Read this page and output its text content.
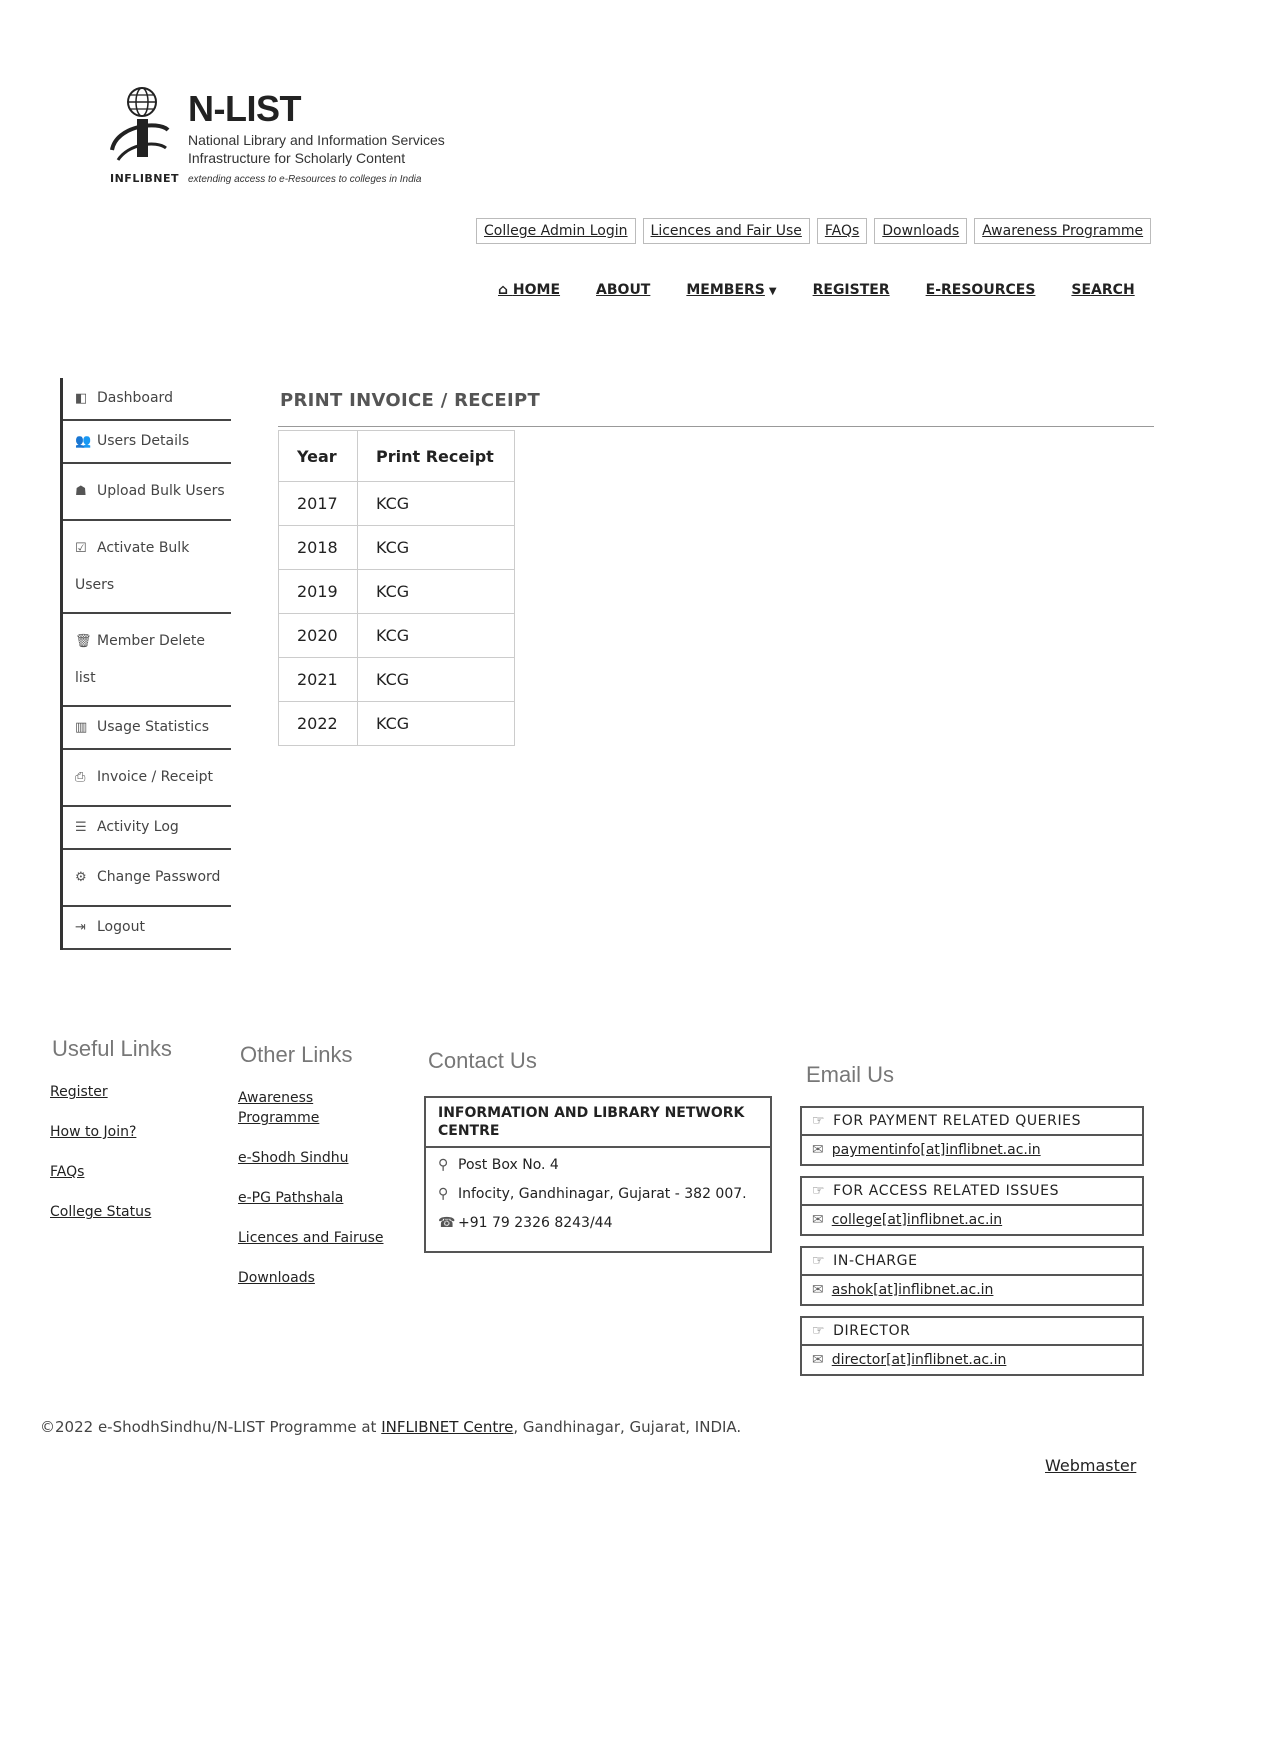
INFLIBNET
N-LIST
National Library and Information Services
Infrastructure for Scholarly Content
extending access to e-Resources to colleges in India
College Admin Login	Licences and Fair Use	FAQs	Downloads	Awareness Programme
⌂ HOME	ABOUT	MEMBERS ▼	REGISTER	E-RESOURCES	SEARCH
◧ Dashboard
👥 Users Details
☗ Upload Bulk Users
☑ Activate Bulk Users
🗑 Member Delete list
▥ Usage Statistics
⎙ Invoice / Receipt
☰ Activity Log
⚙ Change Password
⇥ Logout
PRINT INVOICE / RECEIPT
Year	Print Receipt
2017	KCG
2018	KCG
2019	KCG
2020	KCG
2021	KCG
2022	KCG
Useful Links
Register
How to Join?
FAQs
College Status
Other Links
Awareness Programme
e-Shodh Sindhu
e-PG Pathshala
Licences and Fairuse
Downloads
Contact Us
INFORMATION AND LIBRARY NETWORK CENTRE
⚲ Post Box No. 4
⚲ Infocity, Gandhinagar, Gujarat - 382 007.
☎ +91 79 2326 8243/44
Email Us
☞ FOR PAYMENT RELATED QUERIES
✉ paymentinfo[at]inflibnet.ac.in
☞ FOR ACCESS RELATED ISSUES
✉ college[at]inflibnet.ac.in
☞ IN-CHARGE
✉ ashok[at]inflibnet.ac.in
☞ DIRECTOR
✉ director[at]inflibnet.ac.in
©2022 e-ShodhSindhu/N-LIST Programme at INFLIBNET Centre, Gandhinagar, Gujarat, INDIA.
Webmaster
